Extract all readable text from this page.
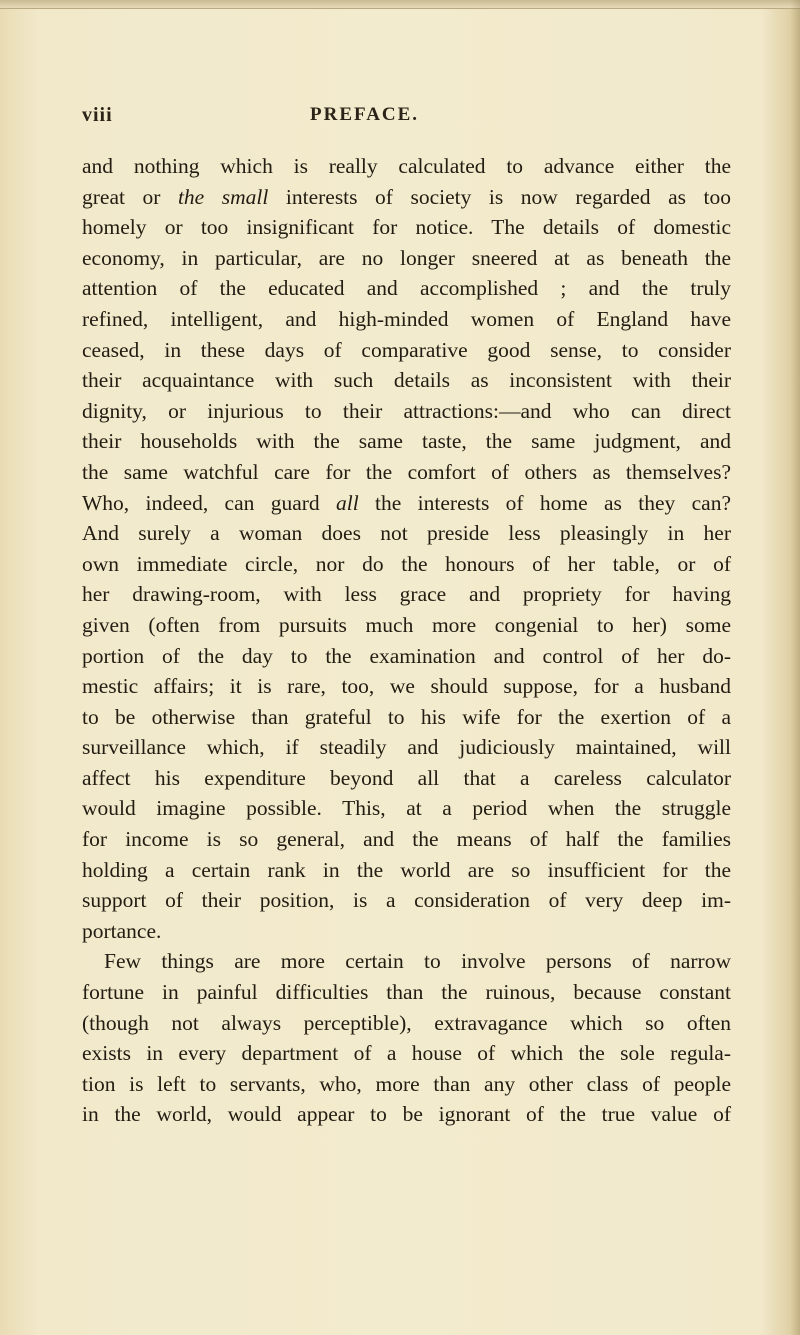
viii	PREFACE.
and nothing which is really calculated to advance either the
great or the small interests of society is now regarded as too
homely or too insignificant for notice. The details of domestic
economy, in particular, are no longer sneered at as beneath the
attention of the educated and accomplished ; and the truly
refined, intelligent, and high-minded women of England have
ceased, in these days of comparative good sense, to consider
their acquaintance with such details as inconsistent with their
dignity, or injurious to their attractions:—and who can direct
their households with the same taste, the same judgment, and
the same watchful care for the comfort of others as themselves?
Who, indeed, can guard all the interests of home as they can?
And surely a woman does not preside less pleasingly in her
own immediate circle, nor do the honours of her table, or of
her drawing-room, with less grace and propriety for having
given (often from pursuits much more congenial to her) some
portion of the day to the examination and control of her do-
mestic affairs; it is rare, too, we should suppose, for a husband
to be otherwise than grateful to his wife for the exertion of a
surveillance which, if steadily and judiciously maintained, will
affect his expenditure beyond all that a careless calculator
would imagine possible. This, at a period when the struggle
for income is so general, and the means of half the families
holding a certain rank in the world are so insufficient for the
support of their position, is a consideration of very deep im-
portance.
Few things are more certain to involve persons of narrow
fortune in painful difficulties than the ruinous, because constant
(though not always perceptible), extravagance which so often
exists in every department of a house of which the sole regula-
tion is left to servants, who, more than any other class of people
in the world, would appear to be ignorant of the true value of
